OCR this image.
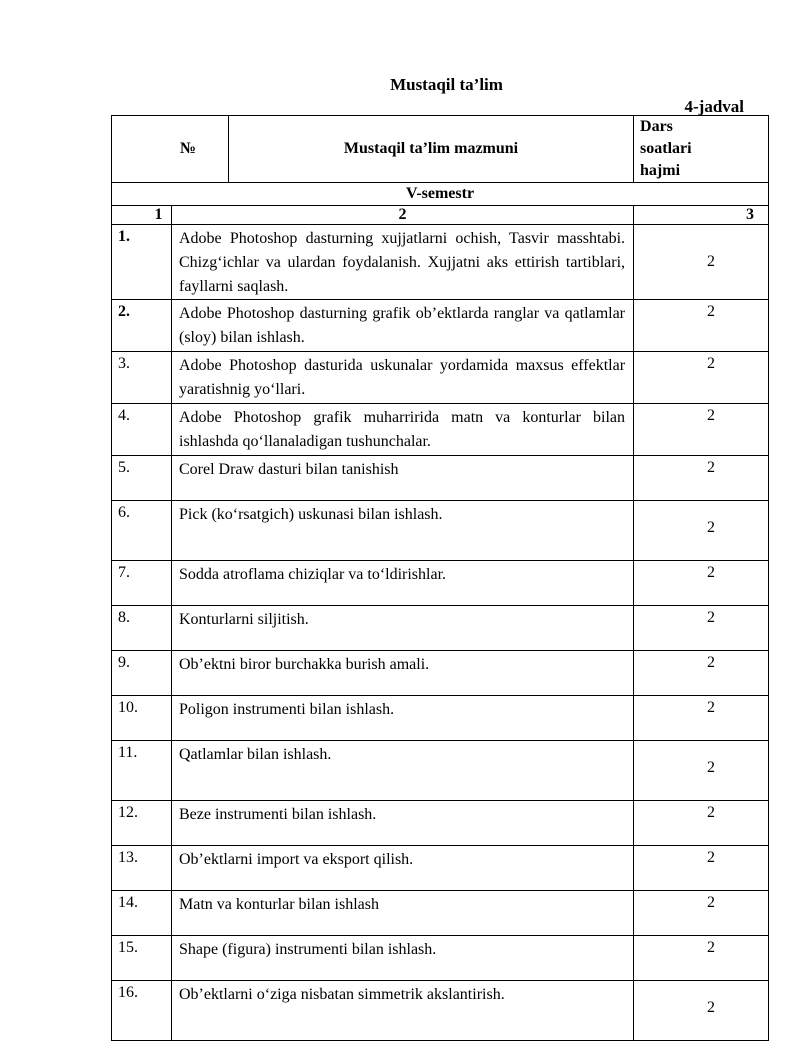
Mustaqil ta’lim
4-jadval
№		Mustaqil ta’lim mazmuni	Dars
soatlari
hajmi
V-semestr			
1	2		3
1.	Adobe Photoshop dasturning xujjatlarni ochish, Tasvir masshtabi. Chizg‘ichlar va ulardan foydalanish. Xujjatni aks ettirish tartiblari, fayllarni saqlash.		2
2.	Adobe Photoshop dasturning grafik ob’ektlarda ranglar va qatlamlar (sloy) bilan ishlash.		2
3.	Adobe Photoshop dasturida uskunalar yordamida maxsus effektlar yaratishnig yo‘llari.		2
4.	Adobe Photoshop grafik muharririda matn va konturlar bilan ishlashda qo‘llanaladigan tushunchalar.		2
5.	Corel Draw dasturi bilan tanishish		2
6.	Pick (ko‘rsatgich) uskunasi bilan ishlash.		2
7.	Sodda atroflama chiziqlar va to‘ldirishlar.		2
8.	Konturlarni siljitish.		2
9.	Ob’ektni biror burchakka burish amali.		2
10.	Poligon instrumenti bilan ishlash.		2
11.	Qatlamlar bilan ishlash.		2
12.	Beze instrumenti bilan ishlash.		2
13.	Ob’ektlarni import va eksport qilish.		2
14.	Matn va konturlar bilan ishlash		2
15.	Shape (figura) instrumenti bilan ishlash.		2
16.	Ob’ektlarni o‘ziga nisbatan simmetrik akslantirish.		2
